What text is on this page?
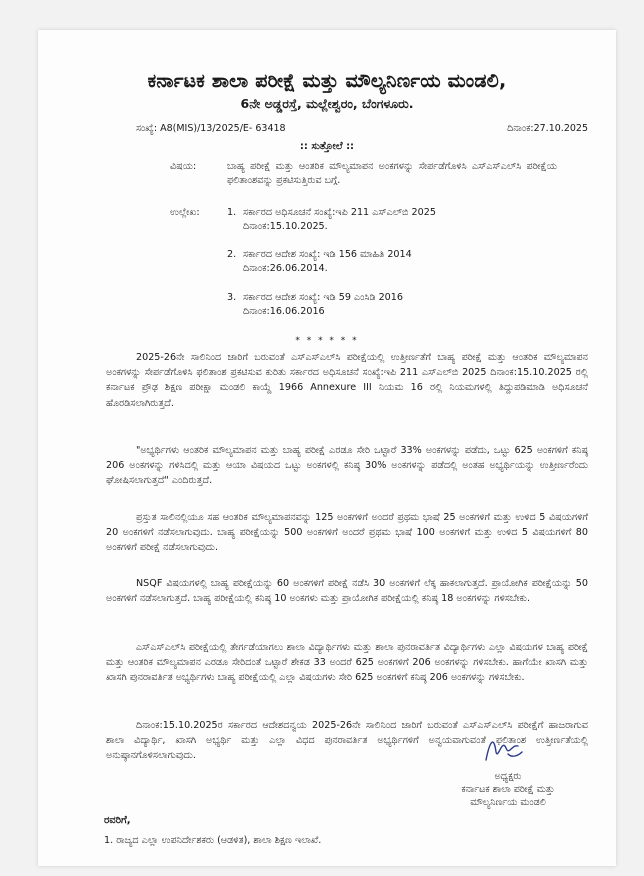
ಕರ್ನಾಟಕ ಶಾಲಾ ಪರೀಕ್ಷೆ ಮತ್ತು ಮೌಲ್ಯನಿರ್ಣಯ ಮಂಡಲಿ,
6ನೇ ಅಡ್ಡರಸ್ತೆ, ಮಲ್ಲೇಶ್ವರಂ, ಬೆಂಗಳೂರು.
ಸಂಖ್ಯೆ: A8(MIS)/13/2025/E- 63418	ದಿನಾಂಕ:27.10.2025
:: ಸುತ್ತೋಲೆ ::
ವಿಷಯ:	ಬಾಹ್ಯ ಪರೀಕ್ಷೆ ಮತ್ತು ಆಂತರಿಕ ಮೌಲ್ಯಮಾಪನ ಅಂಕಗಳನ್ನು ಸೇರ್ಪಡೆಗೊಳಿಸಿ ಎಸ್‌ಎಸ್‌ಎಲ್‌ಸಿ ಪರೀಕ್ಷೆಯ ಫಲಿತಾಂಶವನ್ನು ಪ್ರಕಟಿಸುತ್ತಿರುವ ಬಗ್ಗೆ.
ಉಲ್ಲೇಖ:	1. ಸರ್ಕಾರದ ಅಧಿಸೂಚನೆ ಸಂಖ್ಯೆ:ಇಪಿ 211 ಎಸ್‌ಎಲ್‌ಬಿ 2025
ದಿನಾಂಕ:15.10.2025.
2. ಸರ್ಕಾರದ ಆದೇಶ ಸಂಖ್ಯೆ: ಇಡಿ 156 ಮಾಹಿತಿ 2014
ದಿನಾಂಕ:26.06.2014.
3. ಸರ್ಕಾರದ ಆದೇಶ ಸಂಖ್ಯೆ: ಇಡಿ 59 ಎಂಸಿಡಿ 2016
ದಿನಾಂಕ:16.06.2016
* * * * * *
2025-26ನೇ ಸಾಲಿನಿಂದ ಜಾರಿಗೆ ಬರುವಂತೆ ಎಸ್‌ಎಸ್‌ಎಲ್‌ಸಿ ಪರೀಕ್ಷೆಯಲ್ಲಿ ಉತ್ತೀರ್ಣತೆಗೆ ಬಾಹ್ಯ ಪರೀಕ್ಷೆ ಮತ್ತು ಆಂತರಿಕ ಮೌಲ್ಯಮಾಪನ ಅಂಕಗಳನ್ನು ಸೇರ್ಪಡೆಗೊಳಿಸಿ ಫಲಿತಾಂಶ ಪ್ರಕಟಿಸುವ ಕುರಿತು ಸರ್ಕಾರದ ಅಧಿಸೂಚನೆ ಸಂಖ್ಯೆ:ಇಪಿ 211 ಎಸ್‌ಎಲ್‌ಬಿ 2025 ದಿನಾಂಕ:15.10.2025 ರಲ್ಲಿ ಕರ್ನಾಟಕ ಪ್ರೌಢ ಶಿಕ್ಷಣ ಪರೀಕ್ಷಾ ಮಂಡಲಿ ಕಾಯ್ದೆ 1966 Annexure III ನಿಯಮ 16 ರಲ್ಲಿ ನಿಯಮಗಳಲ್ಲಿ ತಿದ್ದುಪಡಿಮಾಡಿ ಅಧಿಸೂಚನೆ ಹೊರಡಿಸಲಾಗಿರುತ್ತದೆ.
"ಅಭ್ಯರ್ಥಿಗಳು ಆಂತರಿಕ ಮೌಲ್ಯಮಾಪನ ಮತ್ತು ಬಾಹ್ಯ ಪರೀಕ್ಷೆ ಎರಡೂ ಸೇರಿ ಒಟ್ಟಾರೆ 33% ಅಂಕಗಳನ್ನು ಪಡೆದು, ಒಟ್ಟು 625 ಅಂಕಗಳಿಗೆ ಕನಿಷ್ಠ 206 ಅಂಕಗಳನ್ನು ಗಳಿಸಿದಲ್ಲಿ ಮತ್ತು ಆಯಾ ವಿಷಯದ ಒಟ್ಟು ಅಂಕಗಳಲ್ಲಿ ಕನಿಷ್ಠ 30% ಅಂಕಗಳನ್ನು ಪಡೆದಲ್ಲಿ ಅಂತಹ ಅಭ್ಯರ್ಥಿಯನ್ನು ಉತ್ತೀರ್ಣರೆಂದು ಘೋಷಿಸಲಾಗುತ್ತದೆ" ಎಂದಿರುತ್ತದೆ.
ಪ್ರಸ್ತುತ ಸಾಲಿನಲ್ಲಿಯೂ ಸಹ ಆಂತರಿಕ ಮೌಲ್ಯಮಾಪನವನ್ನು 125 ಅಂಕಗಳಿಗೆ ಅಂದರೆ ಪ್ರಥಮ ಭಾಷೆ 25 ಅಂಕಗಳಿಗೆ ಮತ್ತು ಉಳಿದ 5 ವಿಷಯಗಳಿಗೆ 20 ಅಂಕಗಳಿಗೆ ನಡೆಸಲಾಗುವುದು. ಬಾಹ್ಯ ಪರೀಕ್ಷೆಯನ್ನು 500 ಅಂಕಗಳಿಗೆ ಅಂದರೆ ಪ್ರಥಮ ಭಾಷೆ 100 ಅಂಕಗಳಿಗೆ ಮತ್ತು ಉಳಿದ 5 ವಿಷಯಗಳಿಗೆ 80 ಅಂಕಗಳಿಗೆ ಪರೀಕ್ಷೆ ನಡೆಸಲಾಗುವುದು.
NSQF ವಿಷಯಗಳಲ್ಲಿ ಬಾಹ್ಯ ಪರೀಕ್ಷೆಯನ್ನು 60 ಅಂಕಗಳಿಗೆ ಪರೀಕ್ಷೆ ನಡೆಸಿ 30 ಅಂಕಗಳಿಗೆ ಲೆಕ್ಕ ಹಾಕಲಾಗುತ್ತದೆ. ಪ್ರಾಯೋಗಿಕ ಪರೀಕ್ಷೆಯನ್ನು 50 ಅಂಕಗಳಿಗೆ ನಡೆಸಲಾಗುತ್ತದೆ. ಬಾಹ್ಯ ಪರೀಕ್ಷೆಯಲ್ಲಿ ಕನಿಷ್ಠ 10 ಅಂಕಗಳು ಮತ್ತು ಪ್ರಾಯೋಗಿಕ ಪರೀಕ್ಷೆಯಲ್ಲಿ ಕನಿಷ್ಠ 18 ಅಂಕಗಳನ್ನು ಗಳಿಸಬೇಕು.
ಎಸ್‌ಎಸ್‌ಎಲ್‌ಸಿ ಪರೀಕ್ಷೆಯಲ್ಲಿ ತೇರ್ಗಡೆಯಾಗಲು ಶಾಲಾ ವಿದ್ಯಾರ್ಥಿಗಳು ಮತ್ತು ಶಾಲಾ ಪುನರಾವರ್ತಿತ ವಿದ್ಯಾರ್ಥಿಗಳು ಎಲ್ಲಾ ವಿಷಯಗಳ ಬಾಹ್ಯ ಪರೀಕ್ಷೆ ಮತ್ತು ಆಂತರಿಕ ಮೌಲ್ಯಮಾಪನ ಎರಡೂ ಸೇರಿದಂತೆ ಒಟ್ಟಾರೆ ಶೇಕಡ 33 ಅಂದರೆ 625 ಅಂಕಗಳಿಗೆ 206 ಅಂಕಗಳನ್ನು ಗಳಿಸಬೇಕು. ಹಾಗೆಯೇ ಖಾಸಗಿ ಮತ್ತು ಖಾಸಗಿ ಪುನರಾವರ್ತಿತ ಅಭ್ಯರ್ಥಿಗಳು ಬಾಹ್ಯ ಪರೀಕ್ಷೆಯಲ್ಲಿ ಎಲ್ಲಾ ವಿಷಯಗಳು ಸೇರಿ 625 ಅಂಕಗಳಿಗೆ ಕನಿಷ್ಠ 206 ಅಂಕಗಳನ್ನು ಗಳಿಸಬೇಕು.
ದಿನಾಂಕ:15.10.2025ರ ಸರ್ಕಾರದ ಆದೇಶದನ್ವಯ 2025-26ನೇ ಸಾಲಿನಿಂದ ಜಾರಿಗೆ ಬರುವಂತೆ ಎಸ್‌ಎಸ್‌ಎಲ್‌ಸಿ ಪರೀಕ್ಷೆಗೆ ಹಾಜರಾಗುವ ಶಾಲಾ ವಿದ್ಯಾರ್ಥಿ, ಖಾಸಗಿ ಅಭ್ಯರ್ಥಿ ಮತ್ತು ಎಲ್ಲಾ ವಿಧದ ಪುನರಾವರ್ತಿತ ಅಭ್ಯರ್ಥಿಗಳಿಗೆ ಅನ್ವಯವಾಗುವಂತೆ ಫಲಿತಾಂಶ ಉತ್ತೀರ್ಣತೆಯಲ್ಲಿ ಅನುಷ್ಠಾನಗೊಳಿಸಲಾಗುವುದು.
ಅಧ್ಯಕ್ಷರು
ಕರ್ನಾಟಕ ಶಾಲಾ ಪರೀಕ್ಷೆ ಮತ್ತು
ಮೌಲ್ಯನಿರ್ಣಯ ಮಂಡಲಿ
ರವರಿಗೆ,
1. ರಾಜ್ಯದ ಎಲ್ಲಾ ಉಪನಿರ್ದೇಶಕರು (ಆಡಳಿತ), ಶಾಲಾ ಶಿಕ್ಷಣ ಇಲಾಖೆ.
